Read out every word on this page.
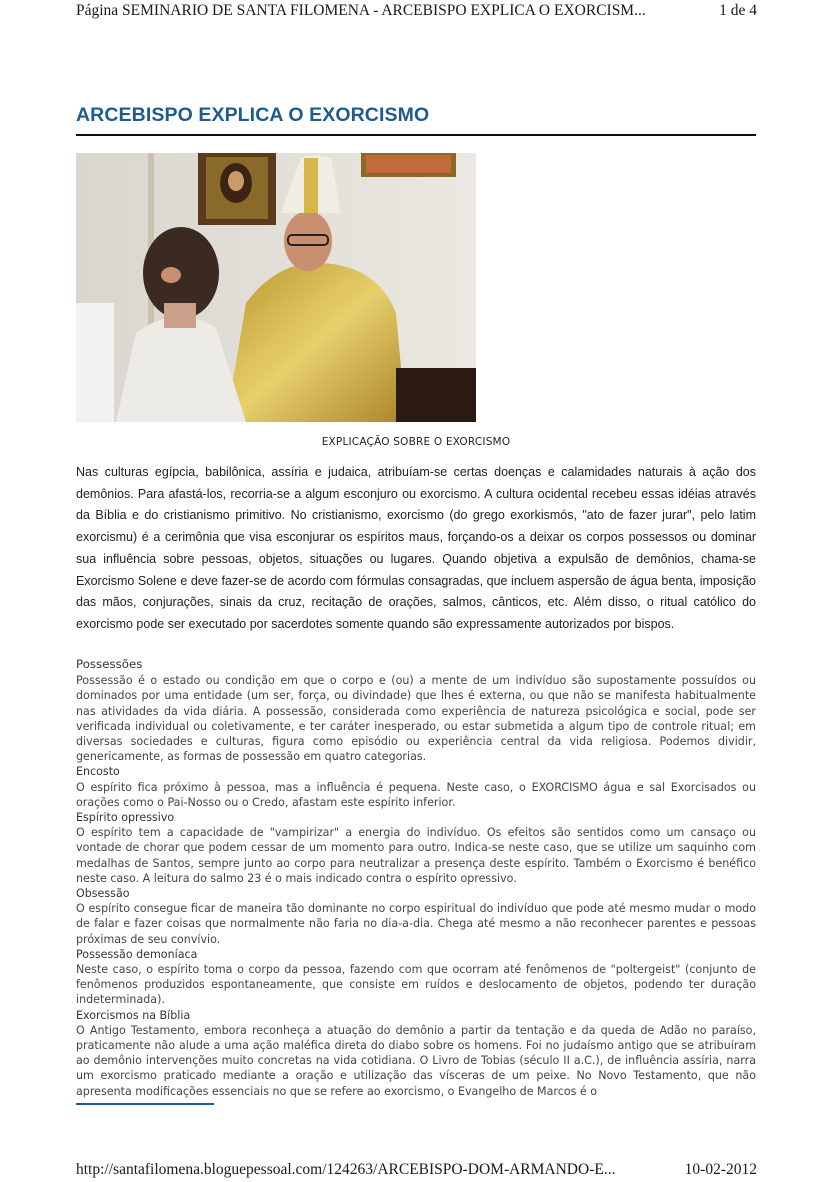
Página SEMINARIO DE SANTA FILOMENA - ARCEBISPO EXPLICA O EXORCISM...	1 de 4
ARCEBISPO EXPLICA O EXORCISMO
EXPLICAÇÃO SOBRE O EXORCISMO

Nas culturas egípcia, babilônica, assíria e judaica, atribuíam-se certas doenças e calamidades naturais à ação dos demônios. Para afastá-los, recorria-se a algum esconjuro ou exorcismo. A cultura ocidental recebeu essas idéias através da Bíblia e do cristianismo primitivo. No cristianismo, exorcismo (do grego exorkismós, "ato de fazer jurar", pelo latim exorcismu) é a cerimônia que visa esconjurar os espíritos maus, forçando-os a deixar os corpos possessos ou dominar sua influência sobre pessoas, objetos, situações ou lugares. Quando objetiva a expulsão de demônios, chama-se Exorcismo Solene e deve fazer-se de acordo com fórmulas consagradas, que incluem aspersão de água benta, imposição das mãos, conjurações, sinais da cruz, recitação de orações, salmos, cânticos, etc. Além disso, o ritual católico do exorcismo pode ser executado por sacerdotes somente quando são expressamente autorizados por bispos.

Possessões

Possessão é o estado ou condição em que o corpo e (ou) a mente de um indivíduo são supostamente possuídos ou dominados por uma entidade (um ser, força, ou divindade) que lhes é externa, ou que não se manifesta habitualmente nas atividades da vida diária. A possessão, considerada como experiência de natureza psicológica e social, pode ser verificada individual ou coletivamente, e ter caráter inesperado, ou estar submetida a algum tipo de controle ritual; em diversas sociedades e culturas, figura como episódio ou experiência central da vida religiosa. Podemos dividir, genericamente, as formas de possessão em quatro categorias.

Encosto

O espírito fica próximo à pessoa, mas a influência é pequena. Neste caso, o EXORCISMO água e sal Exorcisados ou orações como o Pai-Nosso ou o Credo, afastam este espírito inferior.

Espírito opressivo

O espírito tem a capacidade de "vampirizar" a energia do indivíduo. Os efeitos são sentidos como um cansaço ou vontade de chorar que podem cessar de um momento para outro. Indica-se neste caso, que se utilize um saquinho com medalhas de Santos, sempre junto ao corpo para neutralizar a presença deste espírito. Também o Exorcismo é benéfico neste caso. A leitura do salmo 23 é o mais indicado contra o espírito opressivo.

Obsessão

O espírito consegue ficar de maneira tão dominante no corpo espiritual do indivíduo que pode até mesmo mudar o modo de falar e fazer coisas que normalmente não faria no dia-a-dia. Chega até mesmo a não reconhecer parentes e pessoas próximas de seu convívio.

Possessão demoníaca

Neste caso, o espírito toma o corpo da pessoa, fazendo com que ocorram até fenômenos de "poltergeist" (conjunto de fenômenos produzidos espontaneamente, que consiste em ruídos e deslocamento de objetos, podendo ter duração indeterminada).

Exorcismos na Bíblia

O Antigo Testamento, embora reconheça a atuação do demônio a partir da tentação e da queda de Adão no paraíso, praticamente não alude a uma ação maléfica direta do diabo sobre os homens. Foi no judaísmo antigo que se atribuíram ao demônio intervenções muito concretas na vida cotidiana. O Livro de Tobias (século II a.C.), de influência assíria, narra um exorcismo praticado mediante a oração e utilização das vísceras de um peixe. No Novo Testamento, que não apresenta modificações essenciais no que se refere ao exorcismo, o Evangelho de Marcos é o

http://santafilomena.bloguepessoal.com/124263/ARCEBISPO-DOM-ARMANDO-E...	10-02-2012
